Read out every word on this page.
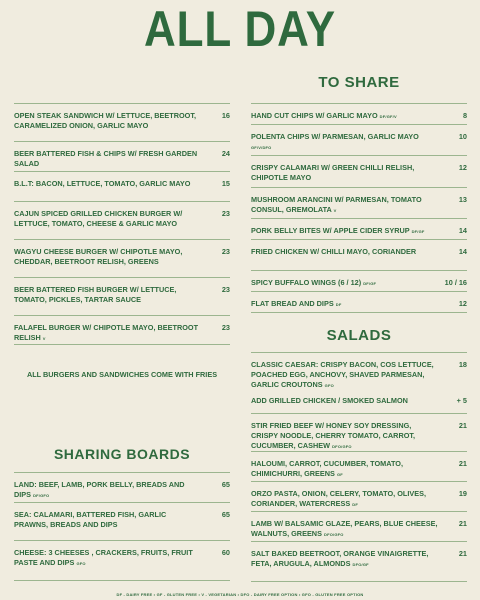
ALL DAY
TO SHARE
SALADS
SHARING BOARDS
OPEN STEAK SANDWICH W/ LETTUCE, BEETROOT, CARAMELIZED ONION, GARLIC MAYO
16
BEER BATTERED FISH & CHIPS W/ FRESH GARDEN SALAD
24
B.L.T: BACON, LETTUCE, TOMATO, GARLIC MAYO	15
CAJUN SPICED GRILLED CHICKEN BURGER W/ LETTUCE, TOMATO, CHEESE & GARLIC MAYO
23
WAGYU CHEESE BURGER W/ CHIPOTLE MAYO, CHEDDAR, BEETROOT RELISH, GREENS
23
BEER BATTERED FISH BURGER W/ LETTUCE, TOMATO, PICKLES, TARTAR SAUCE
23
FALAFEL BURGER W/ CHIPOTLE MAYO, BEETROOT RELISH V
23
ALL BURGERS AND SANDWICHES COME WITH FRIES
LAND: BEEF, LAMB, PORK BELLY, BREADS AND DIPS DF/GFO
65
SEA: CALAMARI, BATTERED FISH, GARLIC PRAWNS, BREADS AND DIPS
65
CHEESE: 3 CHEESES , CRACKERS, FRUITS, FRUIT PASTE AND DIPS GFO
60
HAND CUT CHIPS W/ GARLIC MAYO DF/GF/V	8
POLENTA CHIPS W/ PARMESAN, GARLIC MAYO GF/V/DFO
10
CRISPY CALAMARI W/ GREEN CHILLI RELISH, CHIPOTLE MAYO
12
MUSHROOM ARANCINI W/ PARMESAN, TOMATO CONSUL, GREMOLATA V
13
PORK BELLY BITES W/ APPLE CIDER SYRUP DF/GF	14
FRIED CHICKEN W/ CHILLI MAYO, CORIANDER	14
SPICY BUFFALO WINGS (6 / 12) DF/GF	10 / 16
FLAT BREAD AND DIPS DF	12
CLASSIC CAESAR: CRISPY BACON, COS LETTUCE, POACHED EGG, ANCHOVY, SHAVED PARMESAN, GARLIC CROUTONS GFO
18
ADD GRILLED CHICKEN / SMOKED SALMON	+ 5
STIR FRIED BEEF W/ HONEY SOY DRESSING, CRISPY NOODLE, CHERRY TOMATO, CARROT, CUCUMBER, CASHEW DFO/GFO
21
HALOUMI, CARROT, CUCUMBER, TOMATO, CHIMICHURRI, GREENS GF
21
ORZO PASTA, ONION, CELERY, TOMATO, OLIVES, CORIANDER, WATERCRESS DF
19
LAMB W/ BALSAMIC GLAZE, PEARS, BLUE CHEESE, WALNUTS, GREENS DFO/GFO
21
SALT BAKED BEETROOT, ORANGE VINAIGRETTE, FETA, ARUGULA, ALMONDS DFO/GF
21
DF - DAIRY FREE • GF - GLUTEN FREE • V - VEGETARIAN • DFO - DAIRY FREE OPTION • GFO - GLUTEN FREE OPTION
